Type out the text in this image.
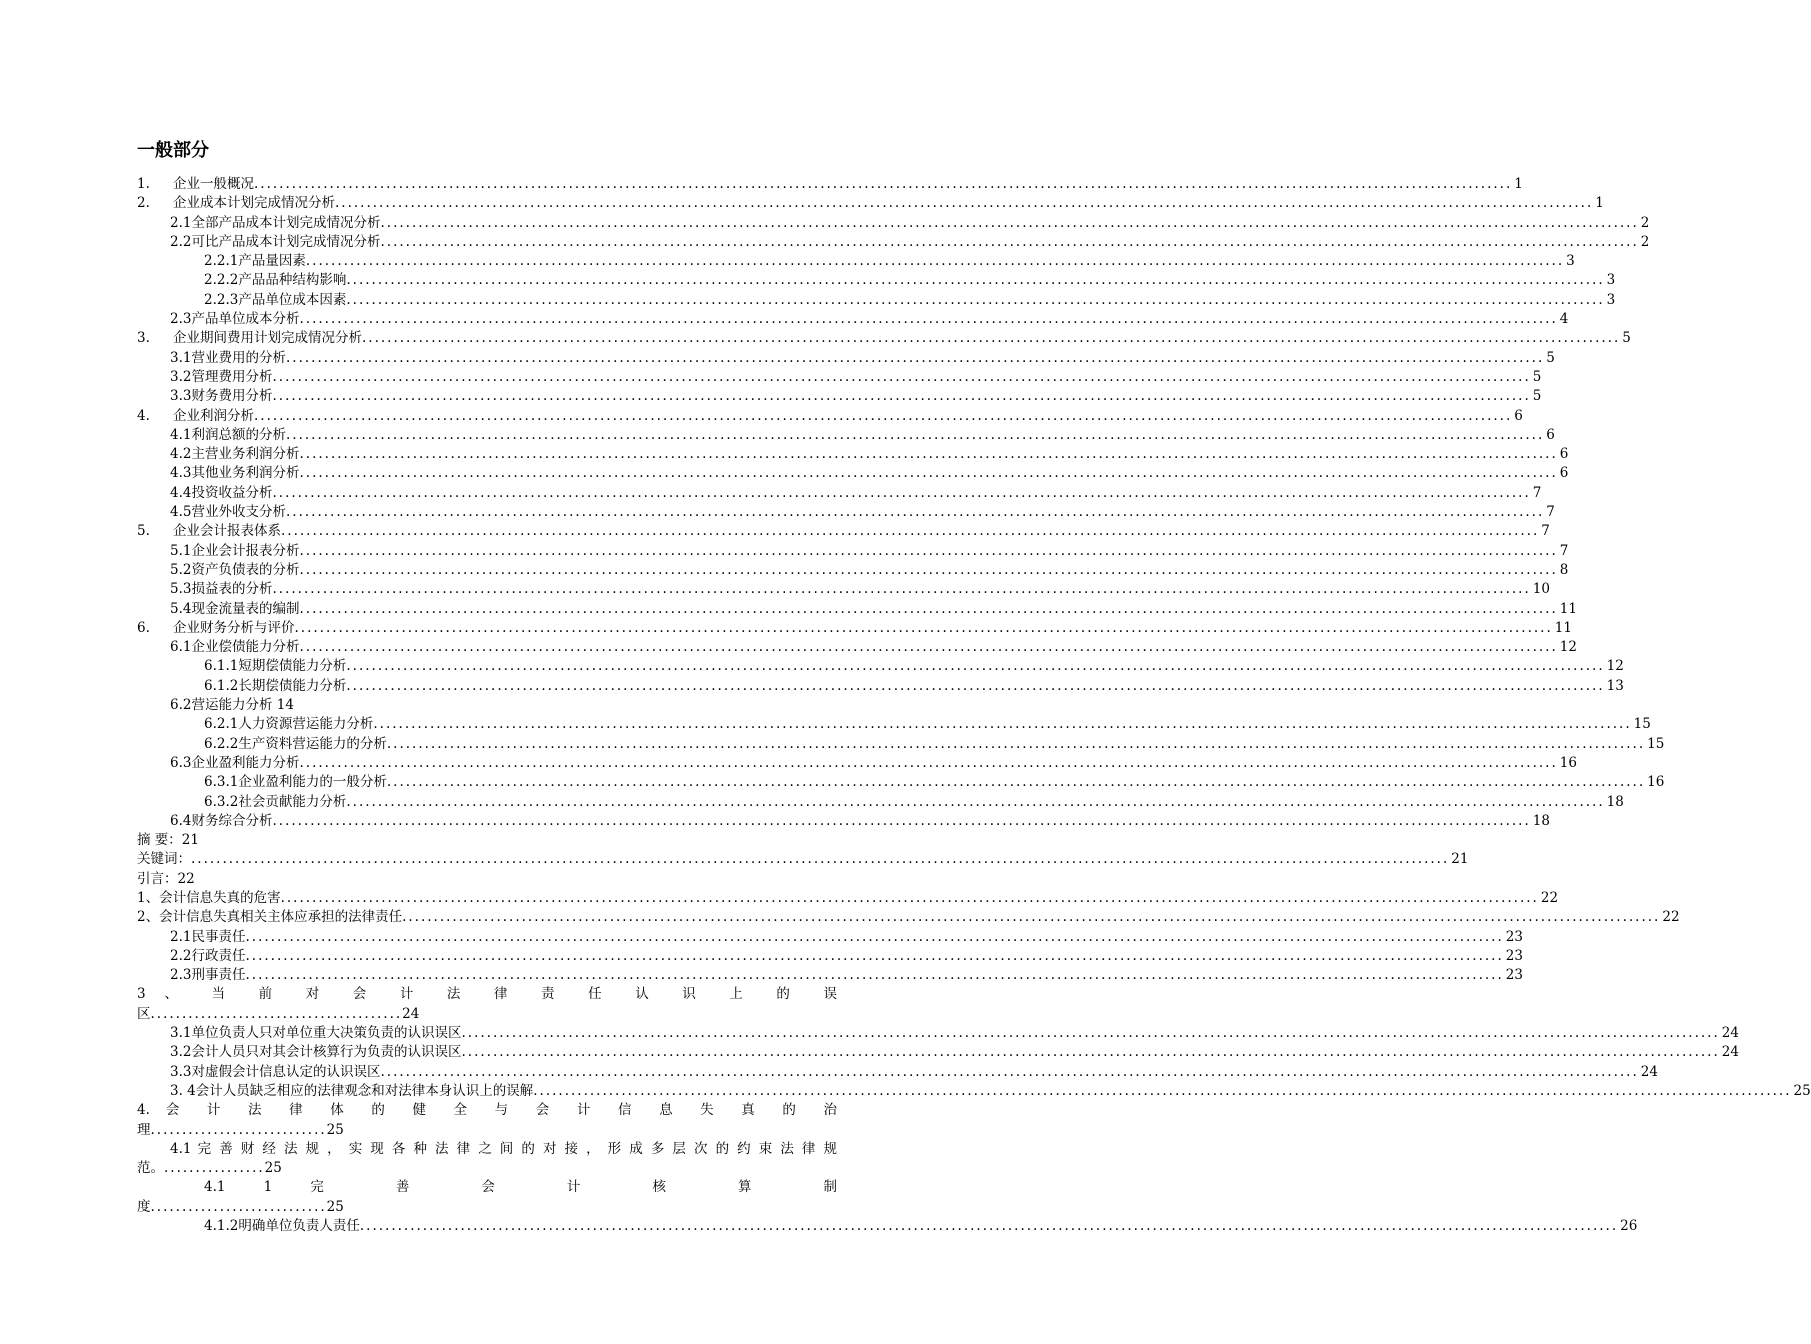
一般部分
1.	企业一般概况 ........................................................................................................................................................................................................ 1
2.	企业成本计划完成情况分析 ........................................................................................................................................................................................................ 1
2.1全部产品成本计划完成情况分析 ........................................................................................................................................................................................................ 2
2.2可比产品成本计划完成情况分析 ........................................................................................................................................................................................................ 2
2.2.1产品量因素 ........................................................................................................................................................................................................ 3
2.2.2产品品种结构影响 ........................................................................................................................................................................................................ 3
2.2.3产品单位成本因素 ........................................................................................................................................................................................................ 3
2.3产品单位成本分析 ........................................................................................................................................................................................................ 4
3.	企业期间费用计划完成情况分析 ........................................................................................................................................................................................................ 5
3.1营业费用的分析 ........................................................................................................................................................................................................ 5
3.2管理费用分析 ........................................................................................................................................................................................................ 5
3.3财务费用分析 ........................................................................................................................................................................................................ 5
4.	企业利润分析 ........................................................................................................................................................................................................ 6
4.1利润总额的分析 ........................................................................................................................................................................................................ 6
4.2主营业务利润分析 ........................................................................................................................................................................................................ 6
4.3其他业务利润分析 ........................................................................................................................................................................................................ 6
4.4投资收益分析 ........................................................................................................................................................................................................ 7
4.5营业外收支分析 ........................................................................................................................................................................................................ 7
5.	企业会计报表体系 ........................................................................................................................................................................................................ 7
5.1企业会计报表分析 ........................................................................................................................................................................................................ 7
5.2资产负债表的分析 ........................................................................................................................................................................................................ 8
5.3损益表的分析 ........................................................................................................................................................................................................ 10
5.4现金流量表的编制 ........................................................................................................................................................................................................ 11
6.	企业财务分析与评价 ........................................................................................................................................................................................................ 11
6.1企业偿债能力分析 ........................................................................................................................................................................................................ 12
6.1.1短期偿债能力分析 ........................................................................................................................................................................................................ 12
6.1.2长期偿债能力分析 ........................................................................................................................................................................................................ 13
6.2营运能力分析 14
6.2.1人力资源营运能力分析 ........................................................................................................................................................................................................ 15
6.2.2生产资料营运能力的分析 ........................................................................................................................................................................................................ 15
6.3企业盈利能力分析 ........................................................................................................................................................................................................ 16
6.3.1企业盈利能力的一般分析 ........................................................................................................................................................................................................ 16
6.3.2社会贡献能力分析 ........................................................................................................................................................................................................ 18
6.4财务综合分析 ........................................................................................................................................................................................................ 18
摘 要：21
关键词： ........................................................................................................................................................................................................ 21
引言：22
1、会计信息失真的危害 ........................................................................................................................................................................................................ 22
2、会计信息失真相关主体应承担的法律责任 ........................................................................................................................................................................................................ 22
2.1民事责任 ........................................................................................................................................................................................................ 23
2.2行政责任 ........................................................................................................................................................................................................ 23
2.3刑事责任 ........................................................................................................................................................................................................ 23
3 、 当 前 对 会 计 法 律 责 任 认 识 上 的 误
区........................................24
3.1单位负责人只对单位重大决策负责的认识误区 ........................................................................................................................................................................................................ 24
3.2会计人员只对其会计核算行为负责的认识误区 ........................................................................................................................................................................................................ 24
3.3对虚假会计信息认定的认识误区 ........................................................................................................................................................................................................ 24
3. 4会计人员缺乏相应的法律观念和对法律本身认识上的误解 ........................................................................................................................................................................................................ 25
4. 会 计 法 律 体 的 健 全 与 会 计 信 息 失 真 的 治
理............................25
4.1 完 善 财 经 法 规 ， 实 现 各 种 法 律 之 间 的 对 接 ， 形 成 多 层 次 的 约 束 法 律 规
范。................25
4.1 1 完 善 会 计 核 算 制
度............................25
4.1.2明确单位负责人责任 ........................................................................................................................................................................................................ 26
